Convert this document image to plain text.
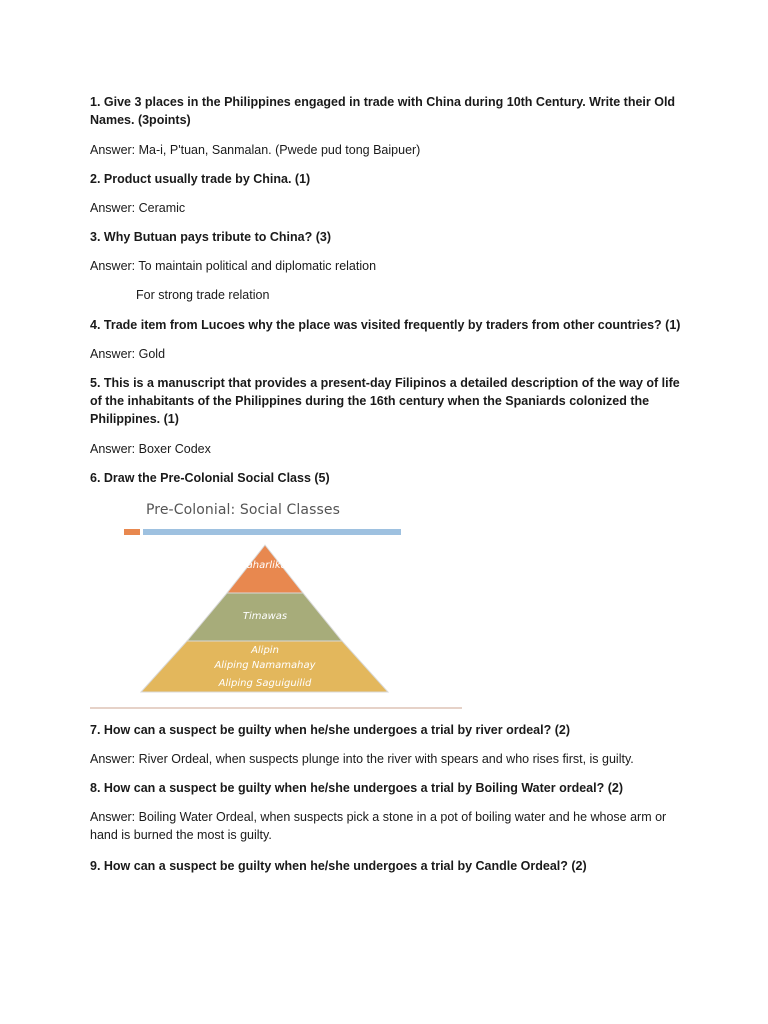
1. Give 3 places in the Philippines engaged in trade with China during 10th Century. Write their Old Names. (3points)

Answer: Ma-i, P'tuan, Sanmalan. (Pwede pud tong Baipuer)

2. Product usually trade by China. (1)

Answer: Ceramic

3. Why Butuan pays tribute to China? (3)

Answer: To maintain political and diplomatic relation

For strong trade relation

4. Trade item from Lucoes why the place was visited frequently by traders from other countries? (1)

Answer: Gold

5. This is a manuscript that provides a present-day Filipinos a detailed description of the way of life of the inhabitants of the Philippines during the 16th century when the Spaniards colonized the Philippines. (1)

Answer: Boxer Codex

6. Draw the Pre-Colonial Social Class (5)

Pre-Colonial: Social Classes
Maharlikas
Timawas
Alipin
Aliping Namamahay
Aliping Saguiguilid

7. How can a suspect be guilty when he/she undergoes a trial by river ordeal? (2)

Answer: River Ordeal, when suspects plunge into the river with spears and who rises first, is guilty.

8. How can a suspect be guilty when he/she undergoes a trial by Boiling Water ordeal? (2)

Answer: Boiling Water Ordeal, when suspects pick a stone in a pot of boiling water and he whose arm or hand is burned the most is guilty.

9. How can a suspect be guilty when he/she undergoes a trial by Candle Ordeal? (2)
